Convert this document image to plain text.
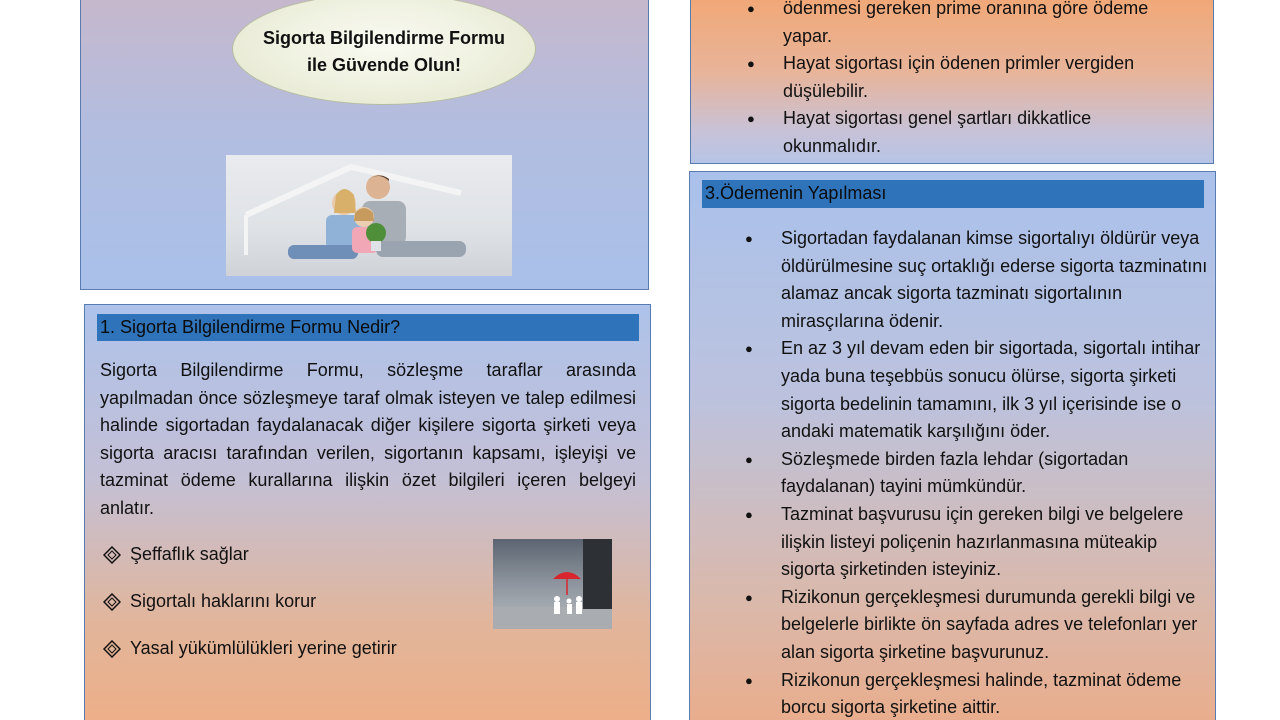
Sigorta Bilgilendirme Formu ile Güvende Olun!
1. Sigorta Bilgilendirme Formu Nedir?

Sigorta Bilgilendirme Formu, sözleşme taraflar arasında yapılmadan önce sözleşmeye taraf olmak isteyen ve talep edilmesi halinde sigortadan faydalanacak diğer kişilere sigorta şirketi veya sigorta aracısı tarafından verilen, sigortanın kapsamı, işleyişi ve tazminat ödeme kurallarına ilişkin özet bilgileri içeren belgeyi anlatır.

Şeffaflık sağlar
Sigortalı haklarını korur
Yasal yükümlülükleri yerine getirir
● ödenmesi gereken prime oranına göre ödeme yapar.
● Hayat sigortası için ödenen primler vergiden düşülebilir.
● Hayat sigortası genel şartları dikkatlice okunmalıdır.
3.Ödemenin Yapılması
● Sigortadan faydalanan kimse sigortalıyı öldürür veya öldürülmesine suç ortaklığı ederse sigorta tazminatını alamaz ancak sigorta tazminatı sigortalının mirasçılarına ödenir.
● En az 3 yıl devam eden bir sigortada, sigortalı intihar yada buna teşebbüs sonucu ölürse, sigorta şirketi sigorta bedelinin tamamını, ilk 3 yıl içerisinde ise o andaki matematik karşılığını öder.
● Sözleşmede birden fazla lehdar (sigortadan faydalanan) tayini mümkündür.
● Tazminat başvurusu için gereken bilgi ve belgelere ilişkin listeyi poliçenin hazırlanmasına müteakip sigorta şirketinden isteyiniz.
● Rizikonun gerçekleşmesi durumunda gerekli bilgi ve belgelerle birlikte ön sayfada adres ve telefonları yer alan sigorta şirketine başvurunuz.
● Rizikonun gerçekleşmesi halinde, tazminat ödeme borcu sigorta şirketine aittir.
